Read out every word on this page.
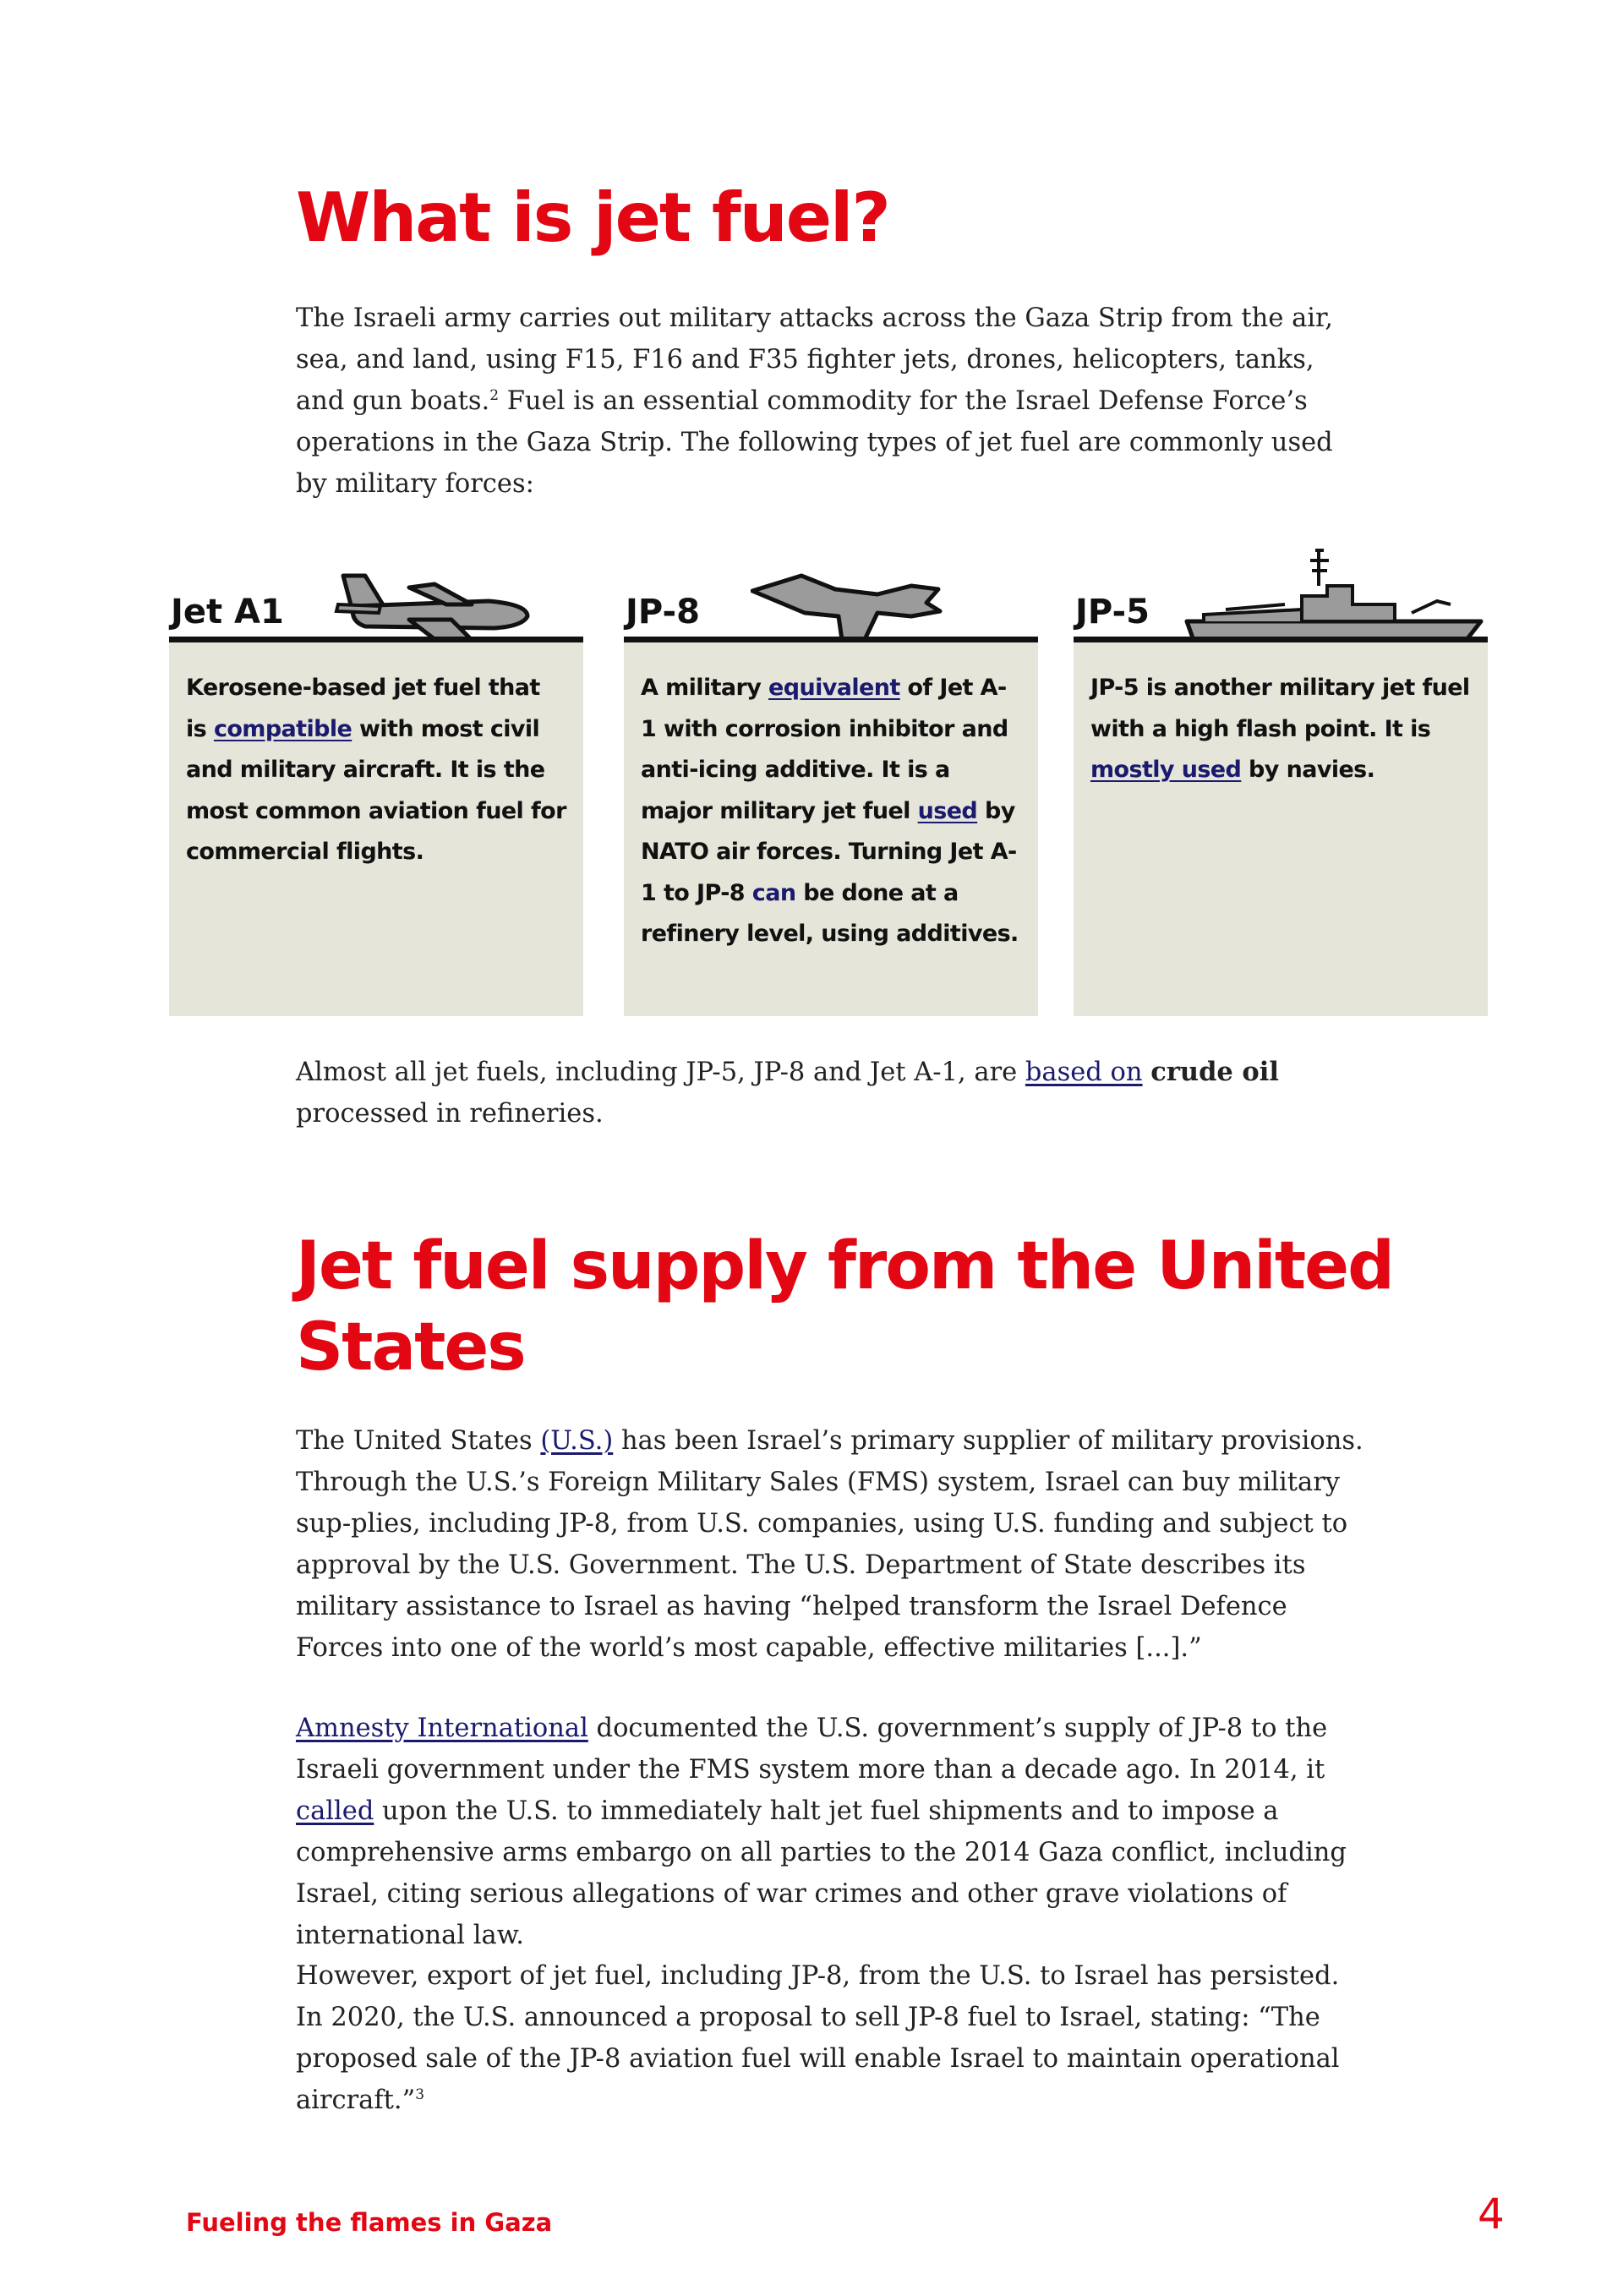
What is jet fuel?

The Israeli army carries out military attacks across the Gaza Strip from the air, sea, and land, using F15, F16 and F35 fighter jets, drones, helicopters, tanks, and gun boats.$^2$ Fuel is an essential commodity for the Israel Defense Force’s operations in the Gaza Strip. The following types of jet fuel are commonly used by military forces:

Jet A1
Kerosene-based jet fuel that is compatible with most civil and military aircraft. It is the most common aviation fuel for commercial flights.
JP-8
A military equivalent of Jet A-1 with corrosion inhibitor and anti-icing additive. It is a major military jet fuel used by NATO air forces. Turning Jet A-1 to JP-8 can be done at a refinery level, using additives.
JP-5
JP-5 is another military jet fuel with a high flash point. It is mostly used by navies.

Almost all jet fuels, including JP-5, JP-8 and Jet A-1, are based on crude oil processed in refineries.

Jet fuel supply from the United States

The United States (U.S.) has been Israel’s primary supplier of military provisions. Through the U.S.’s Foreign Military Sales (FMS) system, Israel can buy military sup-plies, including JP-8, from U.S. companies, using U.S. funding and subject to approval by the U.S. Government. The U.S. Department of State describes its military assistance to Israel as having “helped transform the Israel Defence Forces into one of the world’s most capable, effective militaries [...].”

Amnesty International documented the U.S. government’s supply of JP-8 to the Israeli government under the FMS system more than a decade ago. In 2014, it called upon the U.S. to immediately halt jet fuel shipments and to impose a comprehensive arms embargo on all parties to the 2014 Gaza conflict, including Israel, citing serious allegations of war crimes and other grave violations of international law.

However, export of jet fuel, including JP-8, from the U.S. to Israel has persisted. In 2020, the U.S. announced a proposal to sell JP-8 fuel to Israel, stating: “The proposed sale of the JP-8 aviation fuel will enable Israel to maintain operational aircraft.”$^3$

Fueling the flames in Gaza	4
